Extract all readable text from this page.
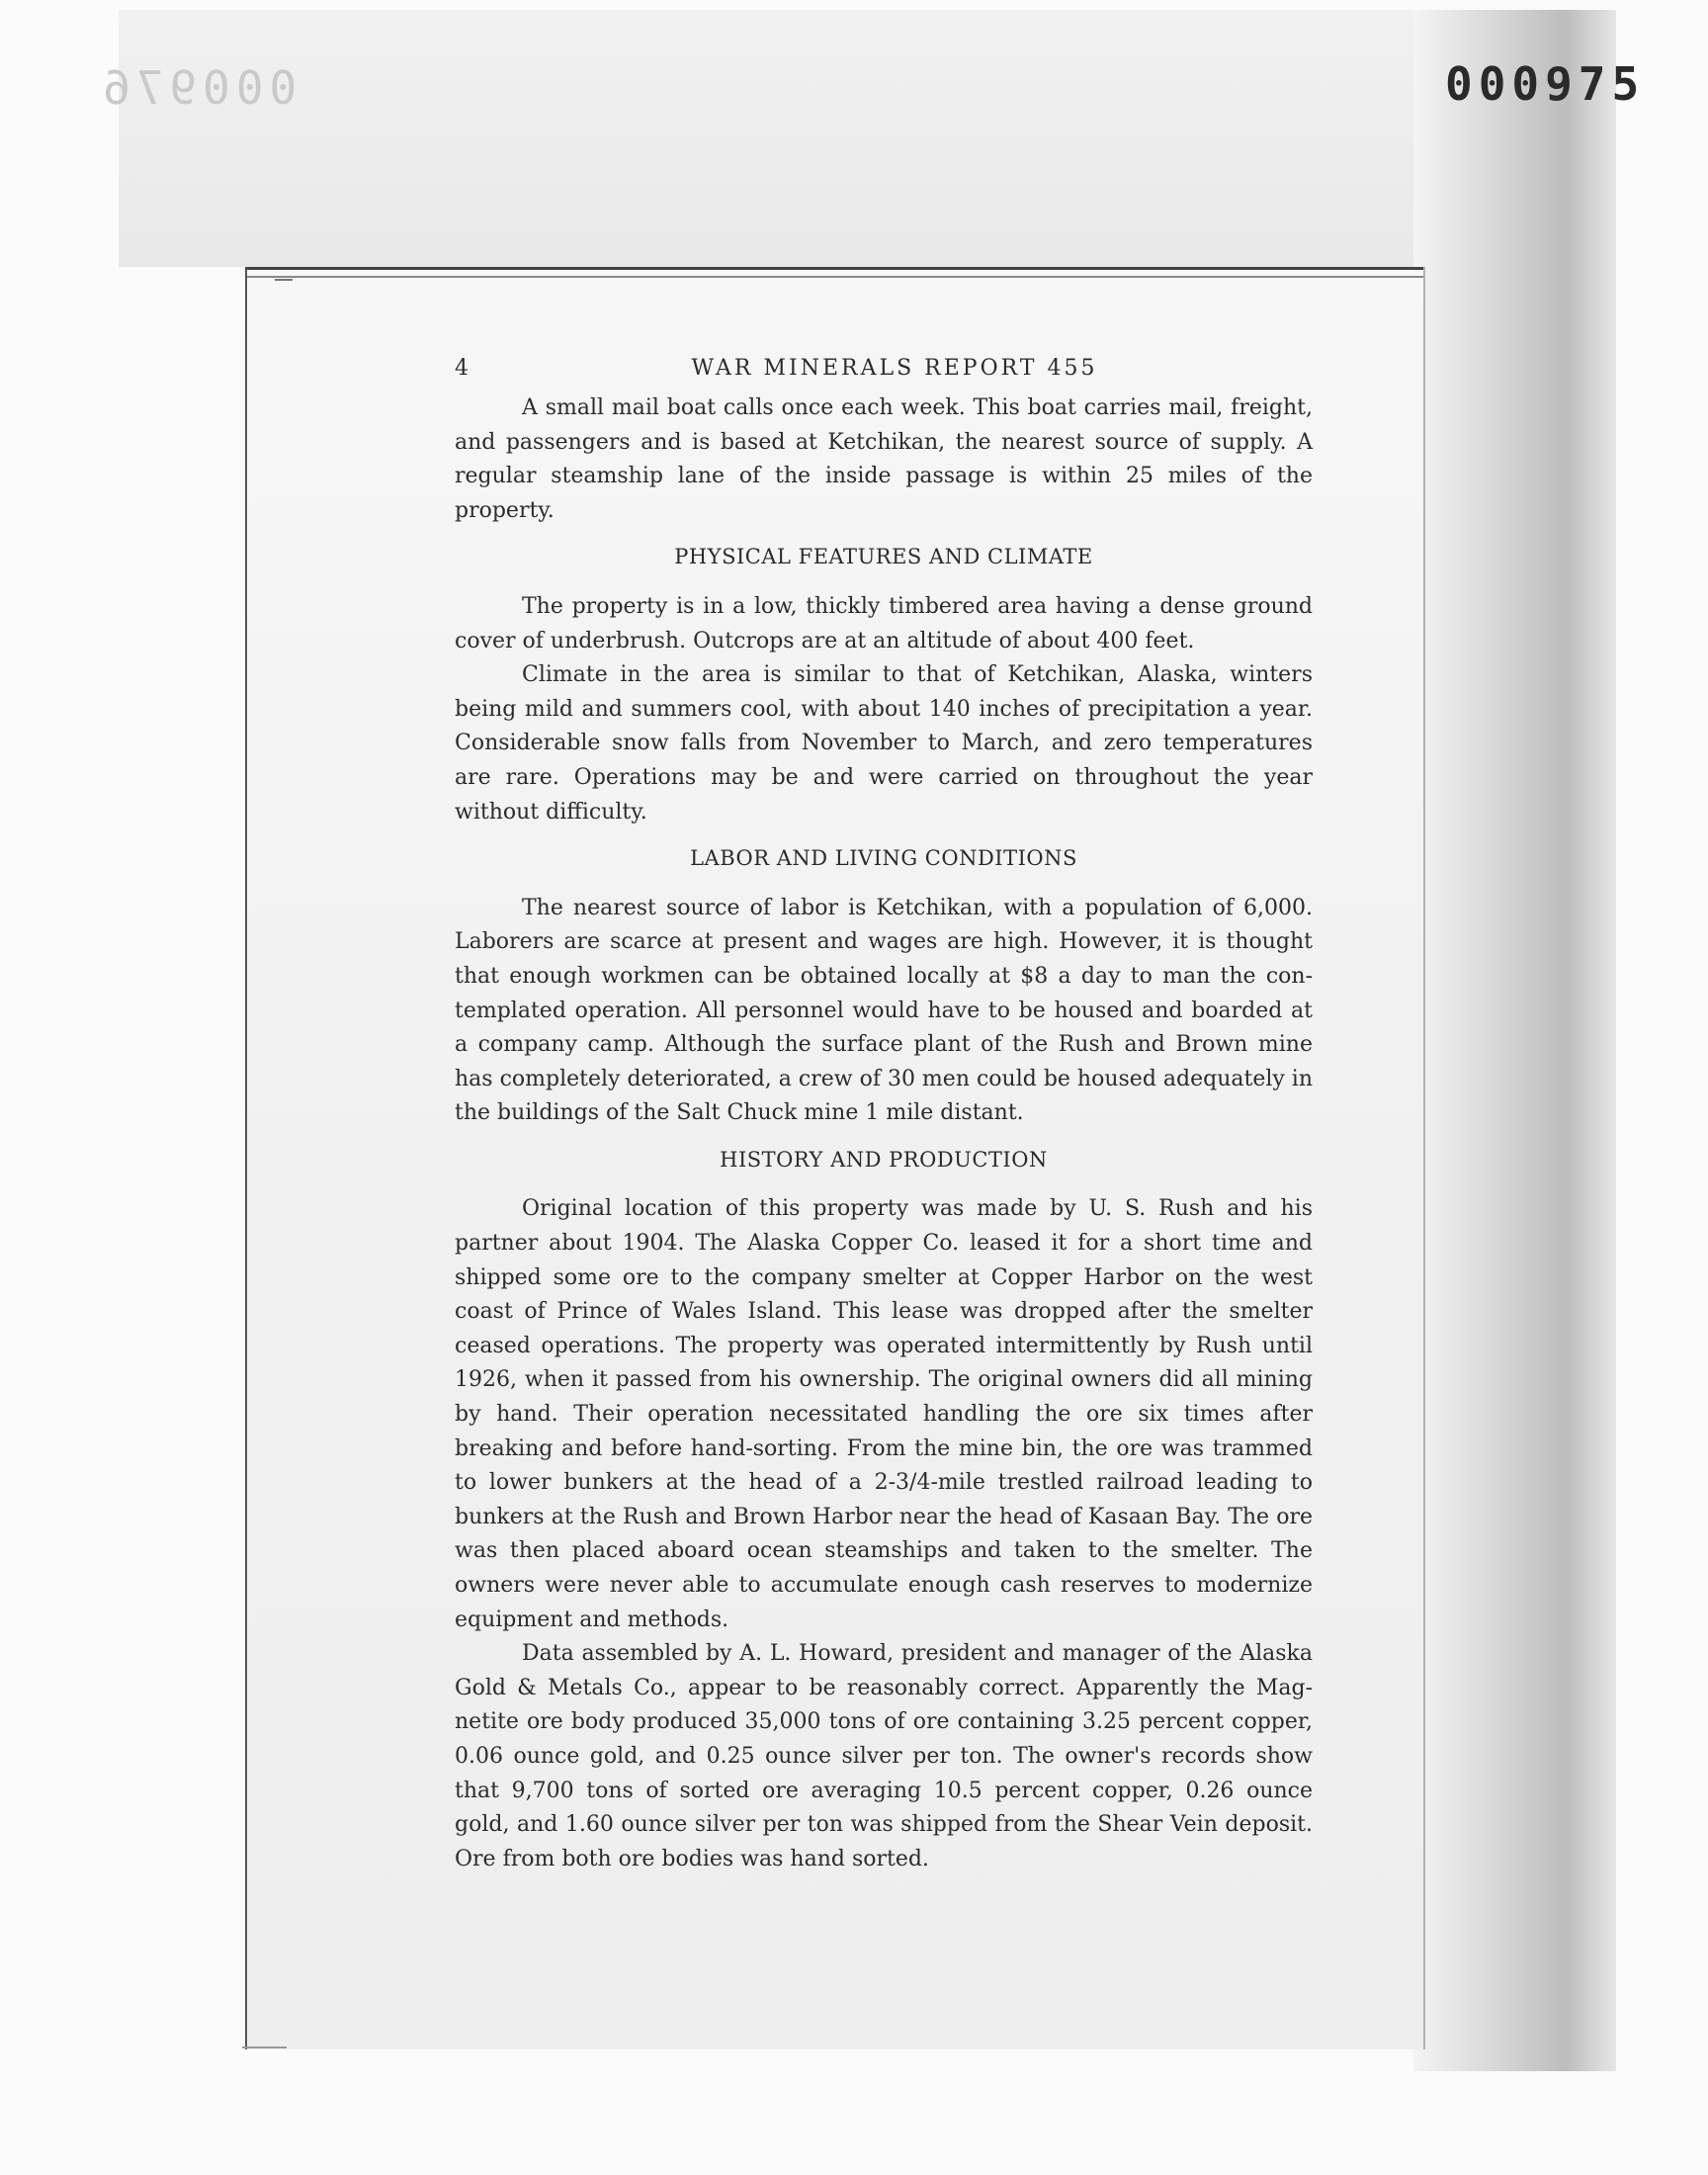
000976	000975
4	WAR MINERALS REPORT 455

A small mail boat calls once each week. This boat carries mail, freight, and passengers and is based at Ketchikan, the nearest source of supply. A regular steamship lane of the inside passage is within 25 miles of the property.

PHYSICAL FEATURES AND CLIMATE

The property is in a low, thickly timbered area having a dense ground cover of underbrush. Outcrops are at an altitude of about 400 feet.

Climate in the area is similar to that of Ketchikan, Alaska, winters being mild and summers cool, with about 140 inches of precipitation a year. Considerable snow falls from November to March, and zero temperatures are rare. Operations may be and were carried on throughout the year without difficulty.

LABOR AND LIVING CONDITIONS

The nearest source of labor is Ketchikan, with a population of 6,000. Laborers are scarce at present and wages are high. However, it is thought that enough workmen can be obtained locally at $8 a day to man the contemplated operation. All personnel would have to be housed and boarded at a company camp. Although the surface plant of the Rush and Brown mine has completely deteriorated, a crew of 30 men could be housed adequately in the buildings of the Salt Chuck mine 1 mile distant.

HISTORY AND PRODUCTION

Original location of this property was made by U. S. Rush and his partner about 1904. The Alaska Copper Co. leased it for a short time and shipped some ore to the company smelter at Copper Harbor on the west coast of Prince of Wales Island. This lease was dropped after the smelter ceased operations. The property was operated intermittently by Rush until 1926, when it passed from his ownership. The original owners did all mining by hand. Their operation necessitated handling the ore six times after breaking and before hand-sorting. From the mine bin, the ore was trammed to lower bunkers at the head of a 2-3/4-mile trestled railroad leading to bunkers at the Rush and Brown Harbor near the head of Kasaan Bay. The ore was then placed aboard ocean steamships and taken to the smelter. The owners were never able to accumulate enough cash reserves to modernize equipment and methods.

Data assembled by A. L. Howard, president and manager of the Alaska Gold & Metals Co., appear to be reasonably correct. Apparently the Magnetite ore body produced 35,000 tons of ore containing 3.25 percent copper, 0.06 ounce gold, and 0.25 ounce silver per ton. The owner's records show that 9,700 tons of sorted ore averaging 10.5 percent copper, 0.26 ounce gold, and 1.60 ounce silver per ton was shipped from the Shear Vein deposit. Ore from both ore bodies was hand sorted.
